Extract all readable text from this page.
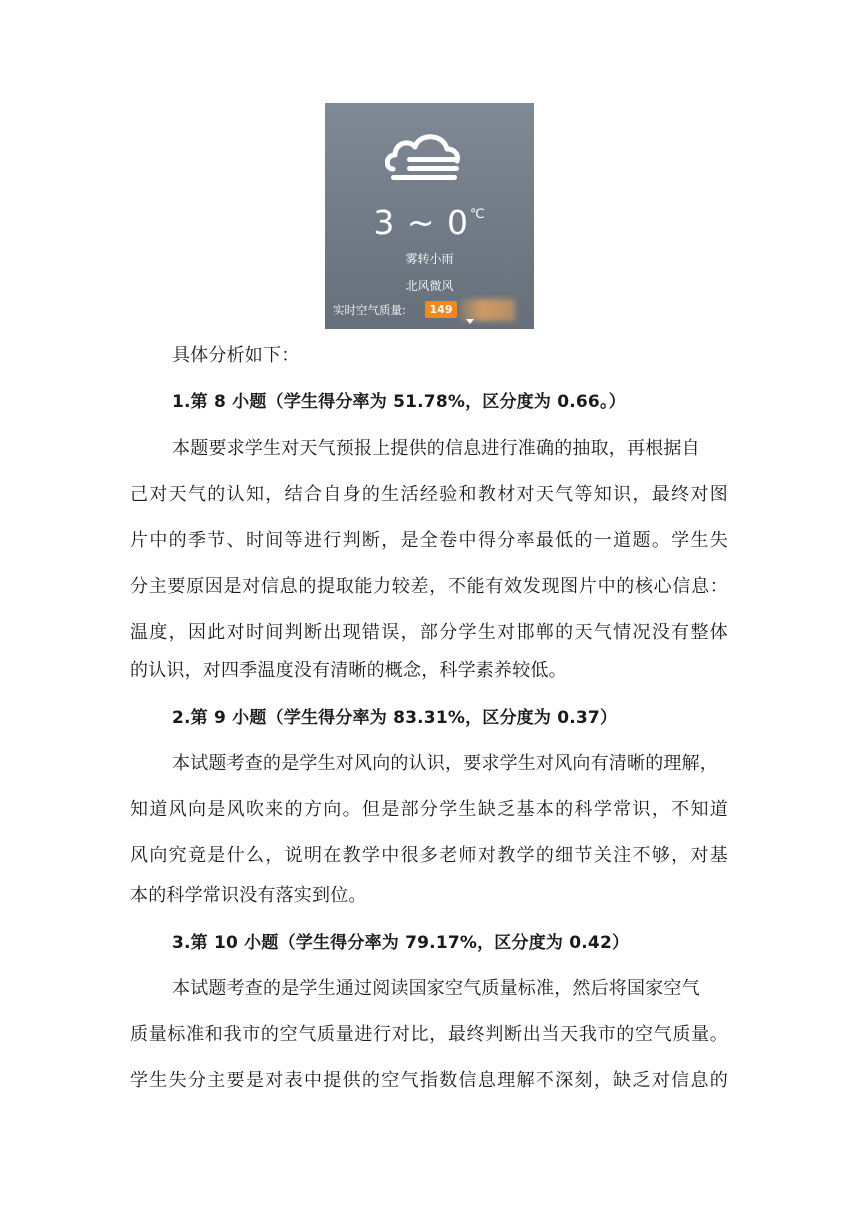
3 ~ 0℃
雾转小雨
北风微风
实时空气质量:	149
具体分析如下：
1.第 8 小题（学生得分率为 51.78%，区分度为 0.66。）
本题要求学生对天气预报上提供的信息进行准确的抽取，再根据自
己对天气的认知，结合自身的生活经验和教材对天气等知识，最终对图
片中的季节、时间等进行判断，是全卷中得分率最低的一道题。学生失
分主要原因是对信息的提取能力较差，不能有效发现图片中的核心信息：
温度，因此对时间判断出现错误，部分学生对邯郸的天气情况没有整体
的认识，对四季温度没有清晰的概念，科学素养较低。
2.第 9 小题（学生得分率为 83.31%，区分度为 0.37）
本试题考查的是学生对风向的认识，要求学生对风向有清晰的理解，
知道风向是风吹来的方向。但是部分学生缺乏基本的科学常识，不知道
风向究竟是什么，说明在教学中很多老师对教学的细节关注不够，对基
本的科学常识没有落实到位。
3.第 10 小题（学生得分率为 79.17%，区分度为 0.42）
本试题考查的是学生通过阅读国家空气质量标准，然后将国家空气
质量标准和我市的空气质量进行对比，最终判断出当天我市的空气质量。
学生失分主要是对表中提供的空气指数信息理解不深刻，缺乏对信息的
